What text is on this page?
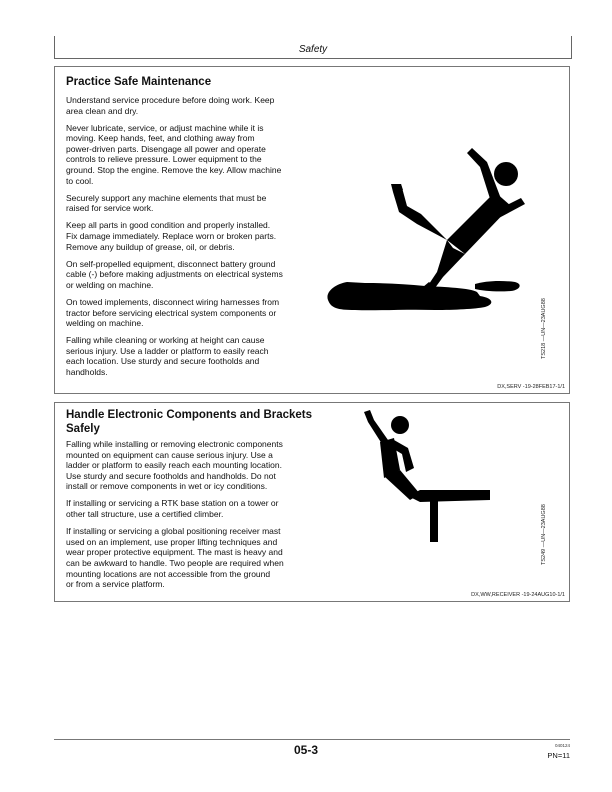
Safety
Practice Safe Maintenance

Understand service procedure before doing work. Keep
area clean and dry.

Never lubricate, service, or adjust machine while it is
moving. Keep hands, feet, and clothing away from
power-driven parts. Disengage all power and operate
controls to relieve pressure. Lower equipment to the
ground. Stop the engine. Remove the key. Allow machine
to cool.

Securely support any machine elements that must be
raised for service work.

Keep all parts in good condition and properly installed.
Fix damage immediately. Replace worn or broken parts.
Remove any buildup of grease, oil, or debris.

On self-propelled equipment, disconnect battery ground
cable (-) before making adjustments on electrical systems
or welding on machine.

On towed implements, disconnect wiring harnesses from
tractor before servicing electrical system components or
welding on machine.

Falling while cleaning or working at height can cause
serious injury. Use a ladder or platform to easily reach
each location. Use sturdy and secure footholds and
handholds.

TS218 —UN—23AUG88
DX,SERV -19-28FEB17-1/1
Handle Electronic Components and Brackets
Safely

Falling while installing or removing electronic components
mounted on equipment can cause serious injury. Use a
ladder or platform to easily reach each mounting location.
Use sturdy and secure footholds and handholds. Do not
install or remove components in wet or icy conditions.

If installing or servicing a RTK base station on a tower or
other tall structure, use a certified climber.

If installing or servicing a global positioning receiver mast
used on an implement, use proper lifting techniques and
wear proper protective equipment. The mast is heavy and
can be awkward to handle. Two people are required when
mounting locations are not accessible from the ground
or from a service platform.

TS249 —UN—23AUG88
DX,WW,RECEIVER -19-24AUG10-1/1
05-3	040124
PN=11
